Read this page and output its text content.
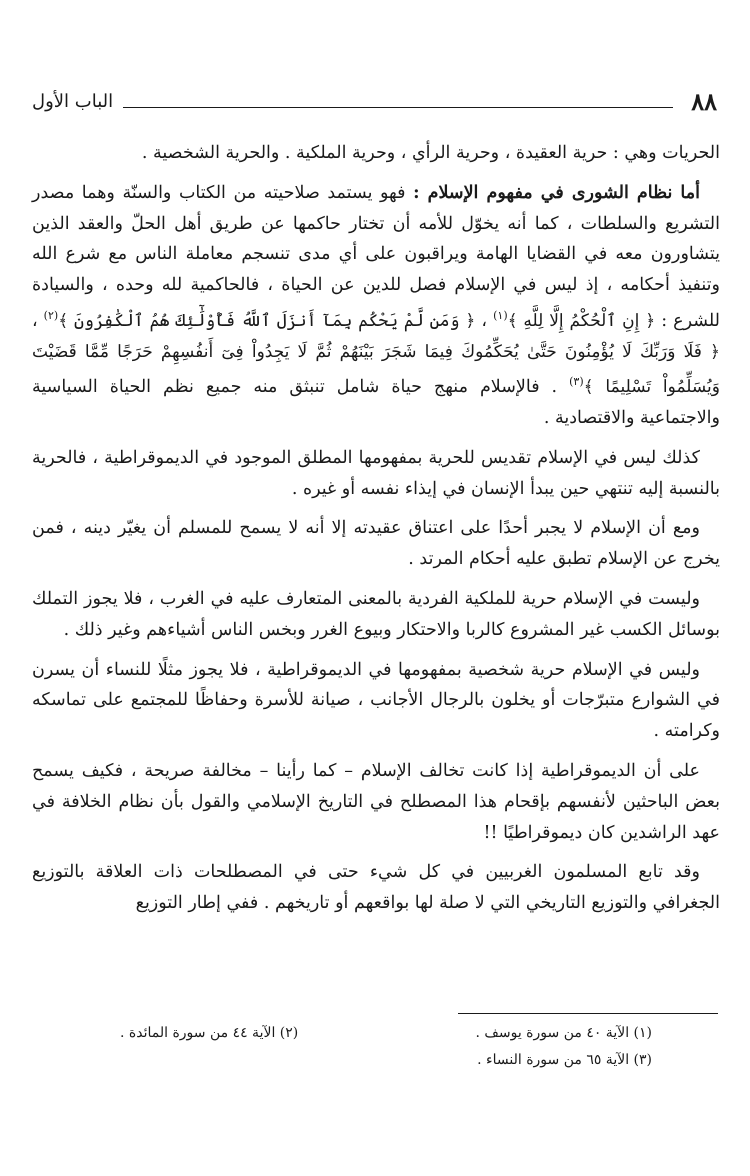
٨٨
الباب الأول

الحريات وهي : حرية العقيدة ، وحرية الرأي ، وحرية الملكية . والحرية الشخصية .

أما نظام الشورى في مفهوم الإسلام : فهو يستمد صلاحيته من الكتاب والسنّة وهما مصدر التشريع والسلطات ، كما أنه يخوّل للأمه أن تختار حاكمها عن طريق أهل الحلّ والعقد الذين يتشاورون معه في القضايا الهامة ويراقبون على أي مدى تنسجم معاملة الناس مع شرع الله وتنفيذ أحكامه ، إذ ليس في الإسلام فصل للدين عن الحياة ، فالحاكمية لله وحده ، والسيادة للشرع : ﴿ إِنِ ٱلْحُكْمُ إِلَّا لِلَّهِ ﴾$^{(١)}$ ، ﴿ وَمَن لَّمْ يَحْكُم بِمَآ أَنزَلَ ٱللَّهُ فَأُوْلَٰٓئِكَ هُمُ ٱلْكَٰفِرُونَ ﴾$^{(٢)}$ ، ﴿ فَلَا وَرَبِّكَ لَا يُؤْمِنُونَ حَتَّىٰ يُحَكِّمُوكَ فِيمَا شَجَرَ بَيْنَهُمْ ثُمَّ لَا يَجِدُواْ فِىٓ أَنفُسِهِمْ حَرَجًا مِّمَّا قَضَيْتَ وَيُسَلِّمُواْ تَسْلِيمًا ﴾$^{(٣)}$ . فالإسلام منهج حياة شامل تنبثق منه جميع نظم الحياة السياسية والاجتماعية والاقتصادية .

كذلك ليس في الإسلام تقديس للحرية بمفهومها المطلق الموجود في الديموقراطية ، فالحرية بالنسبة إليه تنتهي حين يبدأ الإنسان في إيذاء نفسه أو غيره .

ومع أن الإسلام لا يجبر أحدًا على اعتناق عقيدته إلا أنه لا يسمح للمسلم أن يغيّر دينه ، فمن يخرج عن الإسلام تطبق عليه أحكام المرتد .

وليست في الإسلام حرية للملكية الفردية بالمعنى المتعارف عليه في الغرب ، فلا يجوز التملك بوسائل الكسب غير المشروع كالربا والاحتكار وبيوع الغرر وبخس الناس أشياءهم وغير ذلك .

وليس في الإسلام حرية شخصية بمفهومها في الديموقراطية ، فلا يجوز مثلًا للنساء أن يسرن في الشوارع متبرّجات أو يخلون بالرجال الأجانب ، صيانة للأسرة وحفاظًا للمجتمع على تماسكه وكرامته .

على أن الديموقراطية إذا كانت تخالف الإسلام – كما رأينا – مخالفة صريحة ، فكيف يسمح بعض الباحثين لأنفسهم بإقحام هذا المصطلح في التاريخ الإسلامي والقول بأن نظام الخلافة في عهد الراشدين كان ديموقراطيًا !!

وقد تابع المسلمون الغربيين في كل شيء حتى في المصطلحات ذات العلاقة بالتوزيع الجغرافي والتوزيع التاريخي التي لا صلة لها بواقعهم أو تاريخهم . ففي إطار التوزيع

(١) الآية ٤٠ من سورة يوسف .
(٢) الآية ٤٤ من سورة المائدة .
(٣) الآية ٦٥ من سورة النساء .
